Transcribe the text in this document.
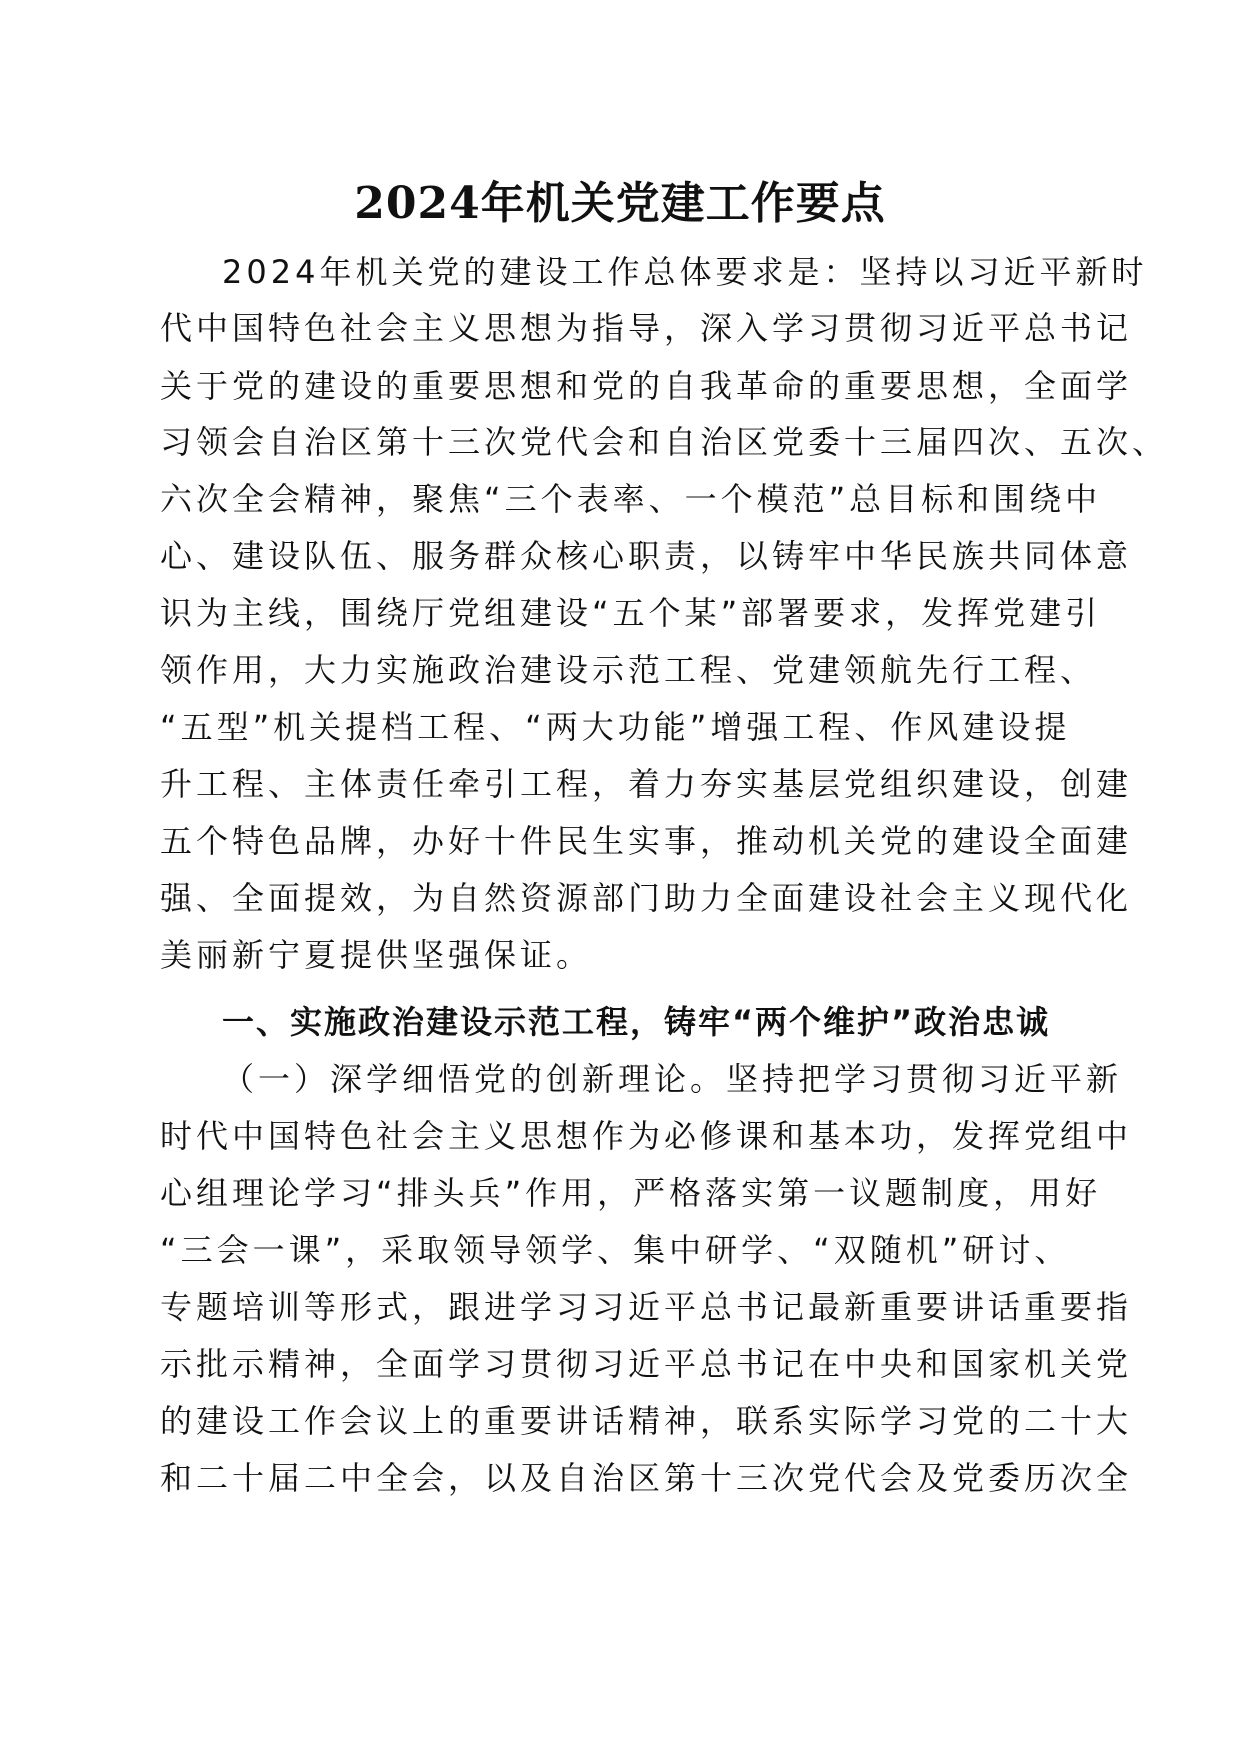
2024年机关党建工作要点
2024年机关党的建设工作总体要求是：坚持以习近平新时
代中国特色社会主义思想为指导，深入学习贯彻习近平总书记
关于党的建设的重要思想和党的自我革命的重要思想，全面学
习领会自治区第十三次党代会和自治区党委十三届四次、五次、
六次全会精神，聚焦“三个表率、一个模范”总目标和围绕中
心、建设队伍、服务群众核心职责，以铸牢中华民族共同体意
识为主线，围绕厅党组建设“五个某”部署要求，发挥党建引
领作用，大力实施政治建设示范工程、党建领航先行工程、
“五型”机关提档工程、“两大功能”增强工程、作风建设提
升工程、主体责任牵引工程，着力夯实基层党组织建设，创建
五个特色品牌，办好十件民生实事，推动机关党的建设全面建
强、全面提效，为自然资源部门助力全面建设社会主义现代化
美丽新宁夏提供坚强保证。
一、实施政治建设示范工程，铸牢“两个维护”政治忠诚
（一）深学细悟党的创新理论。坚持把学习贯彻习近平新
时代中国特色社会主义思想作为必修课和基本功，发挥党组中
心组理论学习“排头兵”作用，严格落实第一议题制度，用好
“三会一课”，采取领导领学、集中研学、“双随机”研讨、
专题培训等形式，跟进学习习近平总书记最新重要讲话重要指
示批示精神，全面学习贯彻习近平总书记在中央和国家机关党
的建设工作会议上的重要讲话精神，联系实际学习党的二十大
和二十届二中全会，以及自治区第十三次党代会及党委历次全
